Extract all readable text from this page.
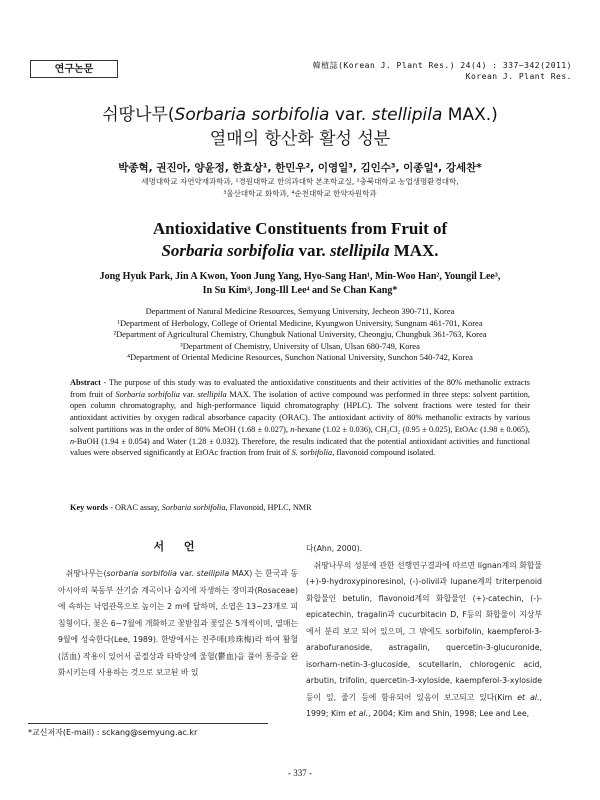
연구논문	韓植誌(Korean J. Plant Res.) 24(4) : 337~342(2011)
Korean J. Plant Res.
쉬땅나무(Sorbaria sorbifolia var. stellipila MAX.)
열매의 항산화 활성 성분
박종혁, 권진아, 양윤정, 한효상¹, 한민우², 이영일³, 김인수³, 이종일⁴, 강세찬*
세명대학교 자연약재과학과, ¹경원대학교 한의과대학 본초학교실, ²충북대학교 농업생명환경대학,
³울산대학교 화학과, ⁴순천대학교 한약자원학과
Antioxidative Constituents from Fruit of
Sorbaria sorbifolia var. stellipila MAX.
Jong Hyuk Park, Jin A Kwon, Yoon Jung Yang, Hyo-Sang Han¹, Min-Woo Han², Youngil Lee³,
In Su Kim³, Jong-Ill Lee⁴ and Se Chan Kang*
Department of Natural Medicine Resources, Semyung University, Jecheon 390-711, Korea
¹Department of Herbology, College of Oriental Medicine, Kyungwon University, Sungnam 461-701, Korea
²Department of Agricultural Chemistry, Chungbuk National University, Cheongju, Chungbuk 361-763, Korea
³Department of Chemistry, University of Ulsan, Ulsan 680-749, Korea
⁴Department of Oriental Medicine Resources, Sunchon National University, Sunchon 540-742, Korea
Abstract - The purpose of this study was to evaluated the antioxidative constituents and their activities of the 80% methanolic extracts from fruit of Sorbaria sorbifolia var. stellipila MAX. The isolation of active compound was performed in three steps: solvent partition, open column chromatography, and high-performance liquid chromatography (HPLC). The solvent fractions were tested for their antioxidant activities by oxygen radical absorbance capacity (ORAC). The antioxidant activity of 80% methanolic extracts by various solvent partitions was in the order of 80% MeOH (1.68 ± 0.027), n-hexane (1.02 ± 0.036), CH₂Cl₂ (0.95 ± 0.025), EtOAc (1.98 ± 0.065), n-BuOH (1.94 ± 0.054) and Water (1.28 ± 0.032). Therefore, the results indicated that the potential antioxidant activities and functional values were observed significantly at EtOAc fraction from fruit of S. sorbifolia, flavonoid compound isolated.
Key words - ORAC assay, Sorbaria sorbifolia, Flavonoid, HPLC, NMR
서 언

쉬땅나무는(sorbaria sorbifolia var. stellipila MAX) 는 한국과 동아시아의 북동부 산기슭 계곡이나 습지에 자생하는 장미과(Rosaceae)에 속하는 낙엽관목으로 높이는 2 m에 달하며, 소엽은 13~23개로 피침형이다. 꽃은 6~7월에 개화하고 꽃받침과 꽃잎은 5개씩이며, 열매는 9월에 성숙한다(Lee, 1989). 한방에서는 진주매(珍珠梅)라 하여 활혈(活血) 작용이 있어서 골절상과 타박상에 울혈(鬱血)을 풀어 통증을 완화시키는데 사용하는 것으로 보고된 바 있

다(Ahn, 2000).

쉬땅나무의 성분에 관한 선행연구결과에 따르면 lignan계의 화합물(+)-9-hydroxypinoresinol, (-)-olivil과 lupane계의 triterpenoid화합물인 betulin, flavonoid계의 화합물인 (+)-catechin, (-)-epicatechin, tragalin과 cucurbitacin D, F등의 화합물이 지상부에서 분리 보고 되어 있으며, 그 밖에도 sorbifolin, kaempferol-3-arabofuranoside, astragalin, quercetin-3-glucuronide, isorham-netin-3-glucoside, scutellarin, chlorogenic acid, arbutin, trifolin, quercetin-3-xyloside, kaempferol-3-xyloside 등이 잎, 줄기 등에 함유되어 있음이 보고되고 있다(Kim et al., 1999; Kim et al., 2004; Kim and Shin, 1998; Lee and Lee,

*교신저자(E-mail) : sckang@semyung.ac.kr
- 337 -
